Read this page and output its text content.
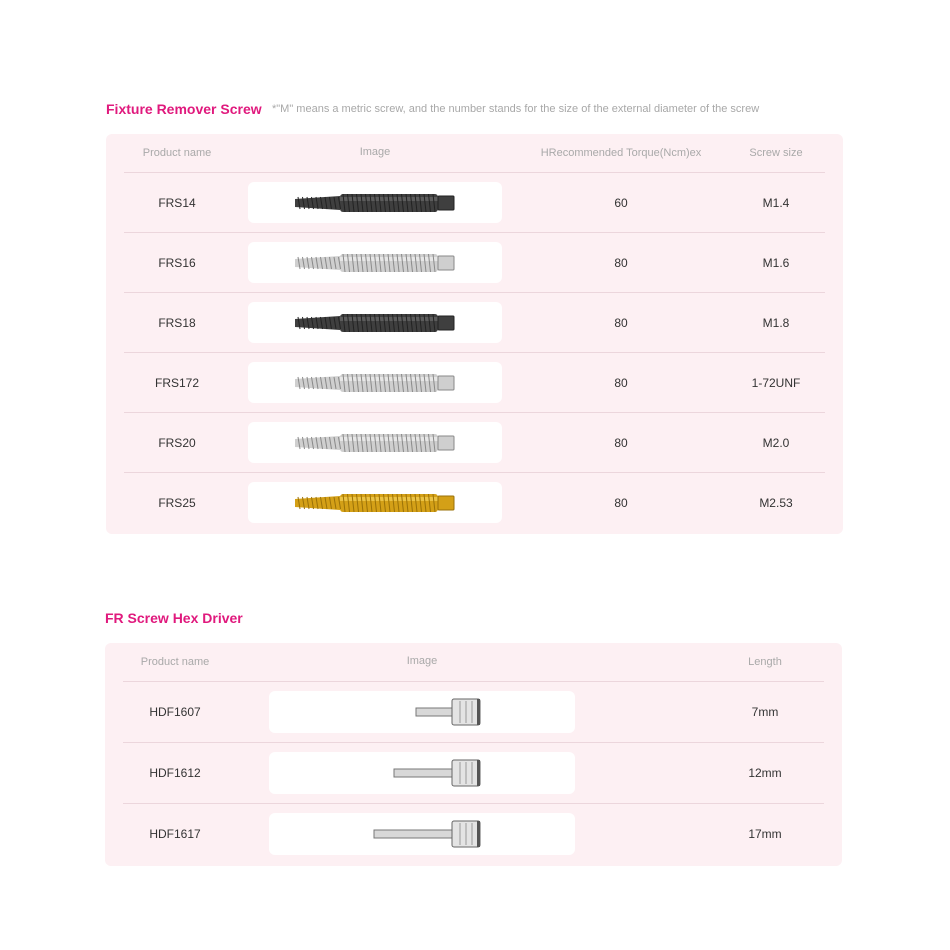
Fixture Remover Screw *"M" means a metric screw, and the number stands for the size of the external diameter of the screw
Product name	Image	HRecommended Torque(Ncm)ex	Screw size
FRS14	60	M1.4
FRS16	80	M1.6
FRS18	80	M1.8
FRS172	80	1-72UNF
FRS20	80	M2.0
FRS25	80	M2.53
FR Screw Hex Driver
Product name	Image	Length
HDF1607	7mm
HDF1612	12mm
HDF1617	17mm
